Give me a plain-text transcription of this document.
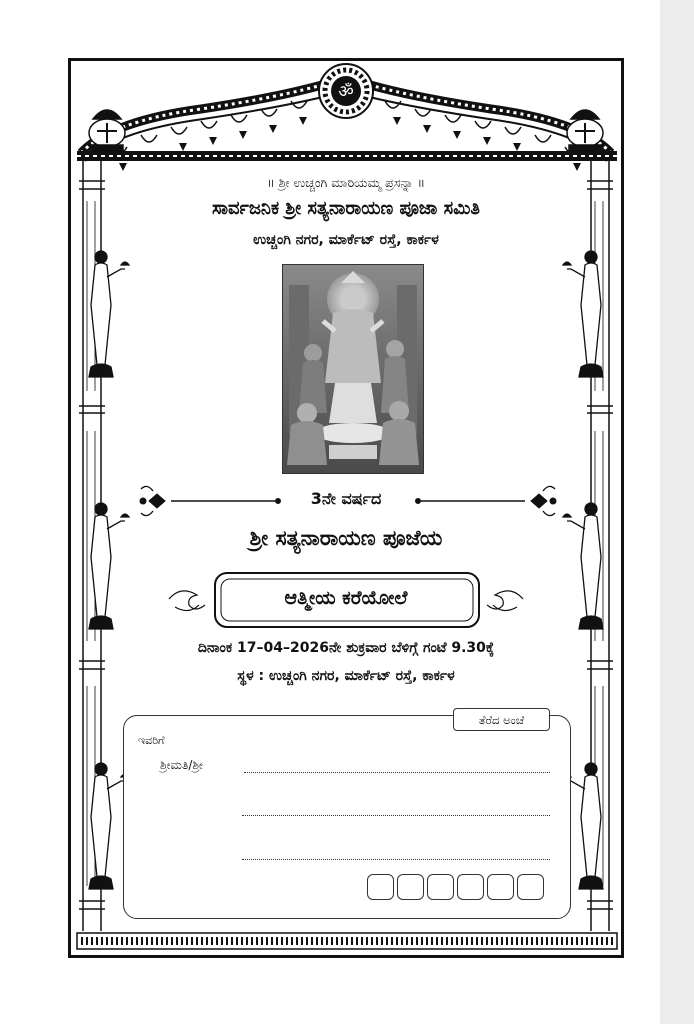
ॐ
॥ ಶ್ರೀ ಉಚ್ಚಂಗಿ ಮಾರಿಯಮ್ಮ ಪ್ರಸನ್ನಾ ॥
ಸಾರ್ವಜನಿಕ ಶ್ರೀ ಸತ್ಯನಾರಾಯಣ ಪೂಜಾ ಸಮಿತಿ
ಉಚ್ಚಂಗಿ ನಗರ, ಮಾರ್ಕೆಟ್ ರಸ್ತೆ, ಕಾರ್ಕಳ
3ನೇ ವರ್ಷದ
ಶ್ರೀ ಸತ್ಯನಾರಾಯಣ ಪೂಜೆಯ
ಆತ್ಮೀಯ ಕರೆಯೋಲೆ
ದಿನಾಂಕ 17–04–2026ನೇ ಶುಕ್ರವಾರ ಬೆಳಿಗ್ಗೆ ಗಂಟೆ 9.30ಕ್ಕೆ
ಸ್ಥಳ : ಉಚ್ಚಂಗಿ ನಗರ, ಮಾರ್ಕೆಟ್ ರಸ್ತೆ, ಕಾರ್ಕಳ
ತೆರೆದ ಅಂಚೆ
ಇವರಿಗೆ
ಶ್ರೀಮತಿ/ಶ್ರೀ
